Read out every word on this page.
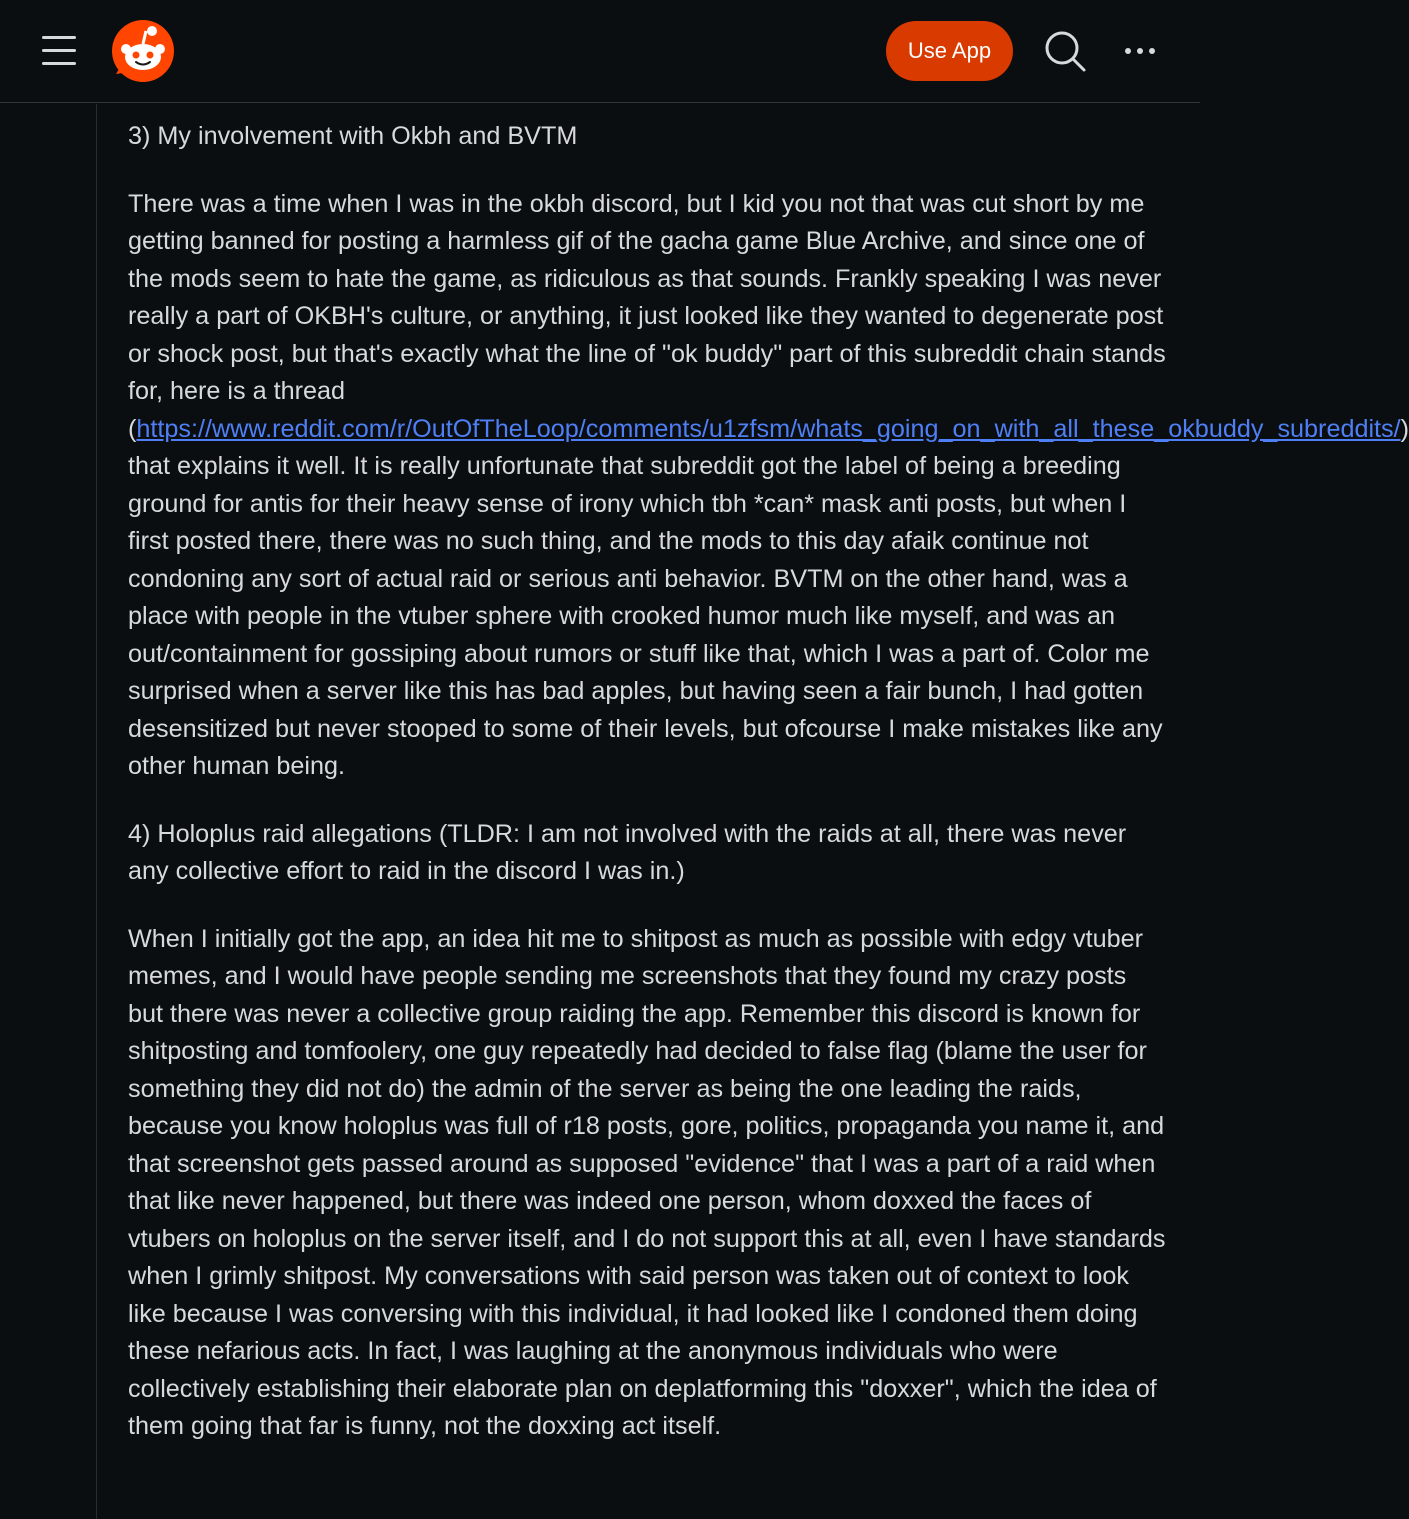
Use App

3) My involvement with Okbh and BVTM

There was a time when I was in the okbh discord, but I kid you not that was cut short by me getting banned for posting a harmless gif of the gacha game Blue Archive, and since one of the mods seem to hate the game, as ridiculous as that sounds. Frankly speaking I was never really a part of OKBH's culture, or anything, it just looked like they wanted to degenerate post or shock post, but that's exactly what the line of "ok buddy" part of this subreddit chain stands for, here is a thread (https://www.reddit.com/r/OutOfTheLoop/comments/u1zfsm/whats_going_on_with_all_these_okbuddy_subreddits/) that explains it well. It is really unfortunate that subreddit got the label of being a breeding ground for antis for their heavy sense of irony which tbh *can* mask anti posts, but when I first posted there, there was no such thing, and the mods to this day afaik continue not condoning any sort of actual raid or serious anti behavior. BVTM on the other hand, was a place with people in the vtuber sphere with crooked humor much like myself, and was an out/containment for gossiping about rumors or stuff like that, which I was a part of. Color me surprised when a server like this has bad apples, but having seen a fair bunch, I had gotten desensitized but never stooped to some of their levels, but ofcourse I make mistakes like any other human being.

4) Holoplus raid allegations (TLDR: I am not involved with the raids at all, there was never any collective effort to raid in the discord I was in.)

When I initially got the app, an idea hit me to shitpost as much as possible with edgy vtuber memes, and I would have people sending me screenshots that they found my crazy posts but there was never a collective group raiding the app. Remember this discord is known for shitposting and tomfoolery, one guy repeatedly had decided to false flag (blame the user for something they did not do) the admin of the server as being the one leading the raids, because you know holoplus was full of r18 posts, gore, politics, propaganda you name it, and that screenshot gets passed around as supposed "evidence" that I was a part of a raid when that like never happened, but there was indeed one person, whom doxxed the faces of vtubers on holoplus on the server itself, and I do not support this at all, even I have standards when I grimly shitpost. My conversations with said person was taken out of context to look like because I was conversing with this individual, it had looked like I condoned them doing these nefarious acts. In fact, I was laughing at the anonymous individuals who were collectively establishing their elaborate plan on deplatforming this "doxxer", which the idea of them going that far is funny, not the doxxing act itself.
